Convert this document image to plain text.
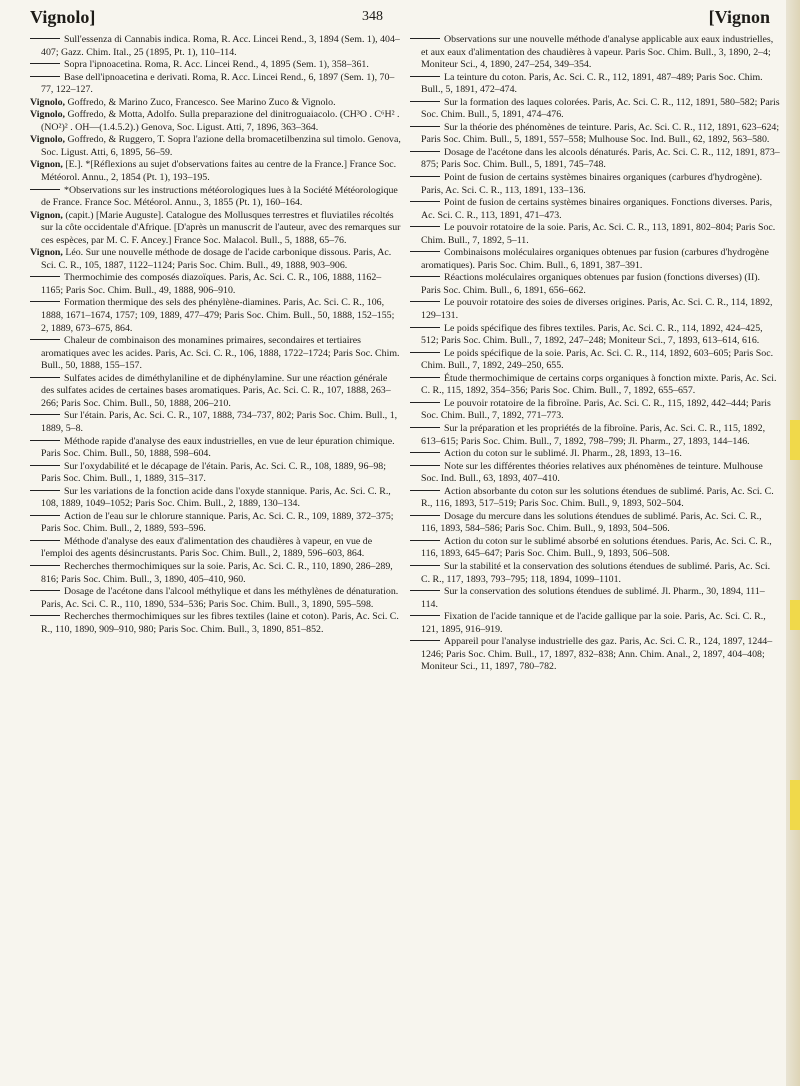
Vignolo]	348	[Vignon

Sull'essenza di Cannabis indica. Roma, R. Acc. Lincei Rend., 3, 1894 (Sem. 1), 404–407; Gazz. Chim. Ital., 25 (1895, Pt. 1), 110–114.

Sopra l'ipnoacetina. Roma, R. Acc. Lincei Rend., 4, 1895 (Sem. 1), 358–361.

Base dell'ipnoacetina e derivati. Roma, R. Acc. Lincei Rend., 6, 1897 (Sem. 1), 70–77, 122–127.

Vignolo, Goffredo, & Marino Zuco, Francesco. See Marino Zuco & Vignolo.

Vignolo, Goffredo, & Motta, Adolfo. Sulla preparazione del dinitroguaiacolo. (CH³O . C⁶H² . (NO²)² . OH—(1.4.5.2).) Genova, Soc. Ligust. Atti, 7, 1896, 363–364.

Vignolo, Goffredo, & Ruggero, T. Sopra l'azione della bromacetilbenzina sul timolo. Genova, Soc. Ligust. Atti, 6, 1895, 56–59.

Vignon, [E.]. *[Réflexions au sujet d'observations faites au centre de la France.] France Soc. Météorol. Annu., 2, 1854 (Pt. 1), 193–195.

*Observations sur les instructions météorologiques lues à la Société Météorologique de France. France Soc. Météorol. Annu., 3, 1855 (Pt. 1), 160–164.

Vignon, (capit.) [Marie Auguste]. Catalogue des Mollusques terrestres et fluviatiles récoltés sur la côte occidentale d'Afrique. [D'après un manuscrit de l'auteur, avec des remarques sur ces espèces, par M. C. F. Ancey.] France Soc. Malacol. Bull., 5, 1888, 65–76.

Vignon, Léo. Sur une nouvelle méthode de dosage de l'acide carbonique dissous. Paris, Ac. Sci. C. R., 105, 1887, 1122–1124; Paris Soc. Chim. Bull., 49, 1888, 903–906.

Thermochimie des composés diazoïques. Paris, Ac. Sci. C. R., 106, 1888, 1162–1165; Paris Soc. Chim. Bull., 49, 1888, 906–910.

Formation thermique des sels des phénylène-diamines. Paris, Ac. Sci. C. R., 106, 1888, 1671–1674, 1757; 109, 1889, 477–479; Paris Soc. Chim. Bull., 50, 1888, 152–155; 2, 1889, 673–675, 864.

Chaleur de combinaison des monamines primaires, secondaires et tertiaires aromatiques avec les acides. Paris, Ac. Sci. C. R., 106, 1888, 1722–1724; Paris Soc. Chim. Bull., 50, 1888, 155–157.

Sulfates acides de diméthylaniline et de diphénylamine. Sur une réaction générale des sulfates acides de certaines bases aromatiques. Paris, Ac. Sci. C. R., 107, 1888, 263–266; Paris Soc. Chim. Bull., 50, 1888, 206–210.

Sur l'étain. Paris, Ac. Sci. C. R., 107, 1888, 734–737, 802; Paris Soc. Chim. Bull., 1, 1889, 5–8.

Méthode rapide d'analyse des eaux industrielles, en vue de leur épuration chimique. Paris Soc. Chim. Bull., 50, 1888, 598–604.

Sur l'oxydabilité et le décapage de l'étain. Paris, Ac. Sci. C. R., 108, 1889, 96–98; Paris Soc. Chim. Bull., 1, 1889, 315–317.

Sur les variations de la fonction acide dans l'oxyde stannique. Paris, Ac. Sci. C. R., 108, 1889, 1049–1052; Paris Soc. Chim. Bull., 2, 1889, 130–134.

Action de l'eau sur le chlorure stannique. Paris, Ac. Sci. C. R., 109, 1889, 372–375; Paris Soc. Chim. Bull., 2, 1889, 593–596.

Méthode d'analyse des eaux d'alimentation des chaudières à vapeur, en vue de l'emploi des agents désincrustants. Paris Soc. Chim. Bull., 2, 1889, 596–603, 864.

Recherches thermochimiques sur la soie. Paris, Ac. Sci. C. R., 110, 1890, 286–289, 816; Paris Soc. Chim. Bull., 3, 1890, 405–410, 960.

Dosage de l'acétone dans l'alcool méthylique et dans les méthylènes de dénaturation. Paris, Ac. Sci. C. R., 110, 1890, 534–536; Paris Soc. Chim. Bull., 3, 1890, 595–598.

Recherches thermochimiques sur les fibres textiles (laine et coton). Paris, Ac. Sci. C. R., 110, 1890, 909–910, 980; Paris Soc. Chim. Bull., 3, 1890, 851–852.

Observations sur une nouvelle méthode d'analyse applicable aux eaux industrielles, et aux eaux d'alimentation des chaudières à vapeur. Paris Soc. Chim. Bull., 3, 1890, 2–4; Moniteur Sci., 4, 1890, 247–254, 349–354.

La teinture du coton. Paris, Ac. Sci. C. R., 112, 1891, 487–489; Paris Soc. Chim. Bull., 5, 1891, 472–474.

Sur la formation des laques colorées. Paris, Ac. Sci. C. R., 112, 1891, 580–582; Paris Soc. Chim. Bull., 5, 1891, 474–476.

Sur la théorie des phénomènes de teinture. Paris, Ac. Sci. C. R., 112, 1891, 623–624; Paris Soc. Chim. Bull., 5, 1891, 557–558; Mulhouse Soc. Ind. Bull., 62, 1892, 563–580.

Dosage de l'acétone dans les alcools dénaturés. Paris, Ac. Sci. C. R., 112, 1891, 873–875; Paris Soc. Chim. Bull., 5, 1891, 745–748.

Point de fusion de certains systèmes binaires organiques (carbures d'hydrogène). Paris, Ac. Sci. C. R., 113, 1891, 133–136.

Point de fusion de certains systèmes binaires organiques. Fonctions diverses. Paris, Ac. Sci. C. R., 113, 1891, 471–473.

Le pouvoir rotatoire de la soie. Paris, Ac. Sci. C. R., 113, 1891, 802–804; Paris Soc. Chim. Bull., 7, 1892, 5–11.

Combinaisons moléculaires organiques obtenues par fusion (carbures d'hydrogène aromatiques). Paris Soc. Chim. Bull., 6, 1891, 387–391.

Réactions moléculaires organiques obtenues par fusion (fonctions diverses) (II). Paris Soc. Chim. Bull., 6, 1891, 656–662.

Le pouvoir rotatoire des soies de diverses origines. Paris, Ac. Sci. C. R., 114, 1892, 129–131.

Le poids spécifique des fibres textiles. Paris, Ac. Sci. C. R., 114, 1892, 424–425, 512; Paris Soc. Chim. Bull., 7, 1892, 247–248; Moniteur Sci., 7, 1893, 613–614, 616.

Le poids spécifique de la soie. Paris, Ac. Sci. C. R., 114, 1892, 603–605; Paris Soc. Chim. Bull., 7, 1892, 249–250, 655.

Étude thermochimique de certains corps organiques à fonction mixte. Paris, Ac. Sci. C. R., 115, 1892, 354–356; Paris Soc. Chim. Bull., 7, 1892, 655–657.

Le pouvoir rotatoire de la fibroïne. Paris, Ac. Sci. C. R., 115, 1892, 442–444; Paris Soc. Chim. Bull., 7, 1892, 771–773.

Sur la préparation et les propriétés de la fibroïne. Paris, Ac. Sci. C. R., 115, 1892, 613–615; Paris Soc. Chim. Bull., 7, 1892, 798–799; Jl. Pharm., 27, 1893, 144–146.

Action du coton sur le sublimé. Jl. Pharm., 28, 1893, 13–16.

Note sur les différentes théories relatives aux phénomènes de teinture. Mulhouse Soc. Ind. Bull., 63, 1893, 407–410.

Action absorbante du coton sur les solutions étendues de sublimé. Paris, Ac. Sci. C. R., 116, 1893, 517–519; Paris Soc. Chim. Bull., 9, 1893, 502–504.

Dosage du mercure dans les solutions étendues de sublimé. Paris, Ac. Sci. C. R., 116, 1893, 584–586; Paris Soc. Chim. Bull., 9, 1893, 504–506.

Action du coton sur le sublimé absorbé en solutions étendues. Paris, Ac. Sci. C. R., 116, 1893, 645–647; Paris Soc. Chim. Bull., 9, 1893, 506–508.

Sur la stabilité et la conservation des solutions étendues de sublimé. Paris, Ac. Sci. C. R., 117, 1893, 793–795; 118, 1894, 1099–1101.

Sur la conservation des solutions étendues de sublimé. Jl. Pharm., 30, 1894, 111–114.

Fixation de l'acide tannique et de l'acide gallique par la soie. Paris, Ac. Sci. C. R., 121, 1895, 916–919.

Appareil pour l'analyse industrielle des gaz. Paris, Ac. Sci. C. R., 124, 1897, 1244–1246; Paris Soc. Chim. Bull., 17, 1897, 832–838; Ann. Chim. Anal., 2, 1897, 404–408; Moniteur Sci., 11, 1897, 780–782.
